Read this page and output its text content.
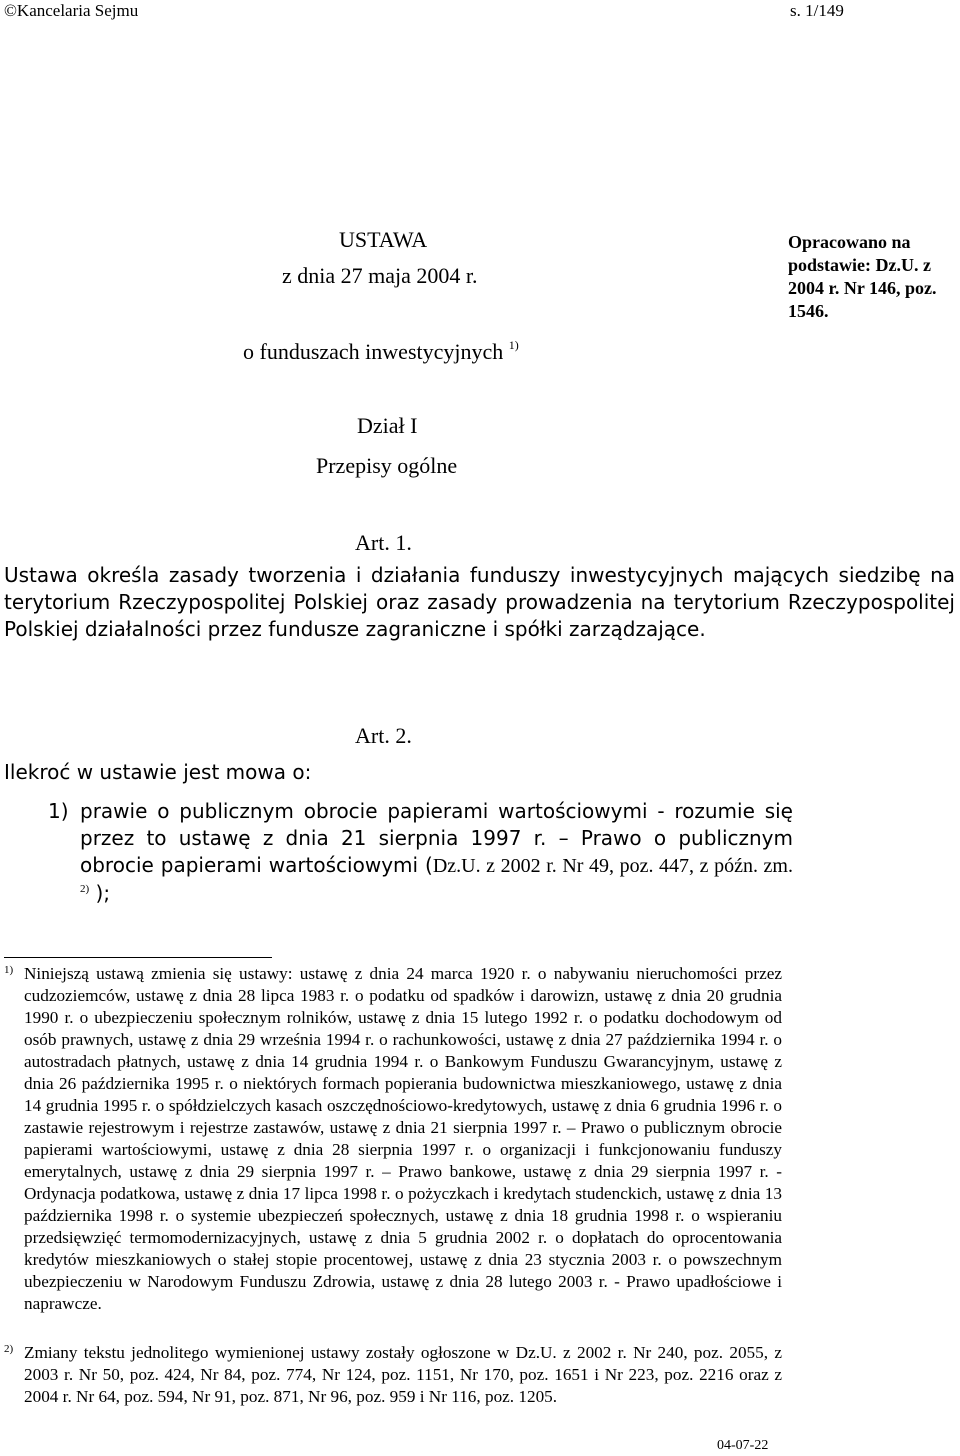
©Kancelaria Sejmu	s. 1/149
USTAWA
z dnia 27 maja 2004 r.
Opracowano na podstawie: Dz.U. z 2004 r. Nr 146, poz. 1546.
o funduszach inwestycyjnych $^{1)}$
Dział I
Przepisy ogólne
Art. 1.
Ustawa określa zasady tworzenia i działania funduszy inwestycyjnych mających siedzibę na terytorium Rzeczypospolitej Polskiej oraz zasady prowadzenia na terytorium Rzeczypospolitej Polskiej działalności przez fundusze zagraniczne i spółki zarządzające.
Art. 2.
Ilekroć w ustawie jest mowa o:
1) prawie o publicznym obrocie papierami wartościowymi - rozumie się przez to ustawę z dnia 21 sierpnia 1997 r. – Prawo o publicznym obrocie papierami wartościowymi (Dz.U. z 2002 r. Nr 49, poz. 447, z późn. zm. $^{2)}$ );
1) Niniejszą ustawą zmienia się ustawy: ustawę z dnia 24 marca 1920 r. o nabywaniu nieruchomości przez cudzoziemców, ustawę z dnia 28 lipca 1983 r. o podatku od spadków i darowizn, ustawę z dnia 20 grudnia 1990 r. o ubezpieczeniu społecznym rolników, ustawę z dnia 15 lutego 1992 r. o podatku dochodowym od osób prawnych, ustawę z dnia 29 września 1994 r. o rachunkowości, ustawę z dnia 27 października 1994 r. o autostradach płatnych, ustawę z dnia 14 grudnia 1994 r. o Bankowym Funduszu Gwarancyjnym, ustawę z dnia 26 października 1995 r. o niektórych formach popierania budownictwa mieszkaniowego, ustawę z dnia 14 grudnia 1995 r. o spółdzielczych kasach oszczędnościowo-kredytowych, ustawę z dnia 6 grudnia 1996 r. o zastawie rejestrowym i rejestrze zastawów, ustawę z dnia 21 sierpnia 1997 r. – Prawo o publicznym obrocie papierami wartościowymi, ustawę z dnia 28 sierpnia 1997 r. o organizacji i funkcjonowaniu funduszy emerytalnych, ustawę z dnia 29 sierpnia 1997 r. – Prawo bankowe, ustawę z dnia 29 sierpnia 1997 r. - Ordynacja podatkowa, ustawę z dnia 17 lipca 1998 r. o pożyczkach i kredytach studenckich, ustawę z dnia 13 października 1998 r. o systemie ubezpieczeń społecznych, ustawę z dnia 18 grudnia 1998 r. o wspieraniu przedsięwzięć termomodernizacyjnych, ustawę z dnia 5 grudnia 2002 r. o dopłatach do oprocentowania kredytów mieszkaniowych o stałej stopie procentowej, ustawę z dnia 23 stycznia 2003 r. o powszechnym ubezpieczeniu w Narodowym Funduszu Zdrowia, ustawę z dnia 28 lutego 2003 r. - Prawo upadłościowe i naprawcze.
2) Zmiany tekstu jednolitego wymienionej ustawy zostały ogłoszone w Dz.U. z 2002 r. Nr 240, poz. 2055, z 2003 r. Nr 50, poz. 424, Nr 84, poz. 774, Nr 124, poz. 1151, Nr 170, poz. 1651 i Nr 223, poz. 2216 oraz z 2004 r. Nr 64, poz. 594, Nr 91, poz. 871, Nr 96, poz. 959 i Nr 116, poz. 1205.
04-07-22
